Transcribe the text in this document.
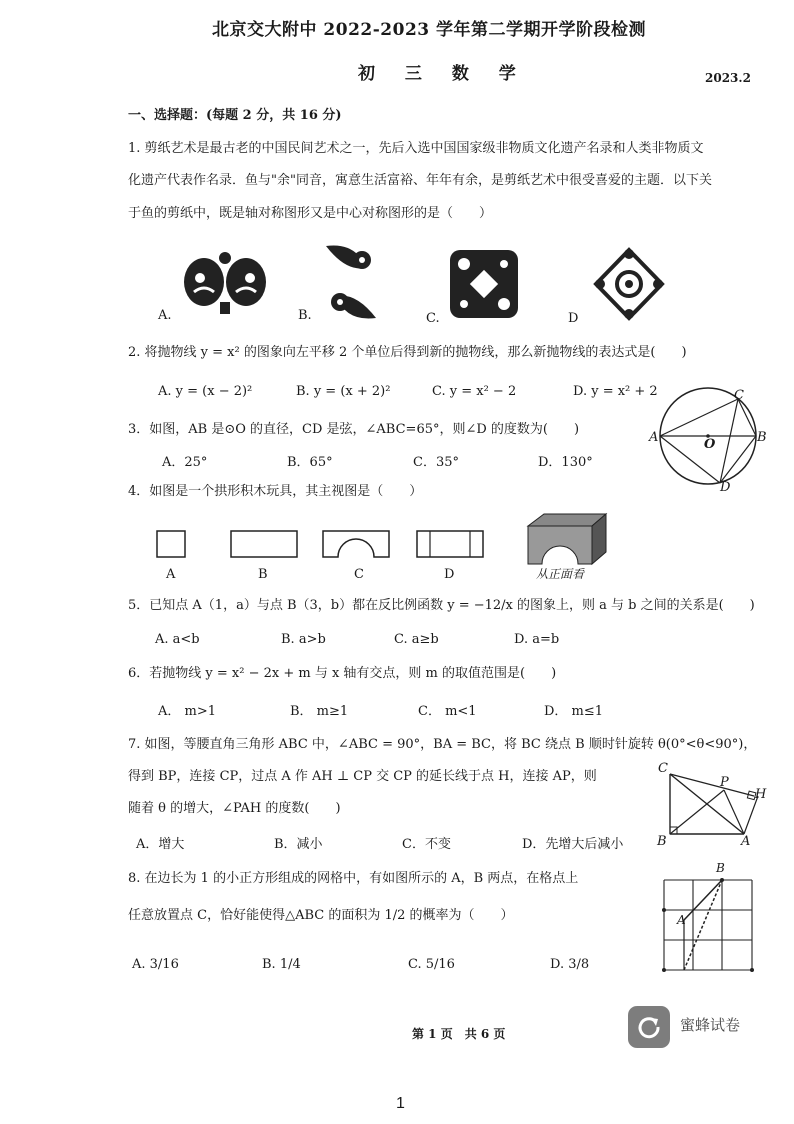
北京交大附中 2022-2023 学年第二学期开学阶段检测
初 三 数 学	2023.2
一、选择题：(每题 2 分，共 16 分)
1. 剪纸艺术是最古老的中国民间艺术之一，先后入选中国国家级非物质文化遗产名录和人类非物质文
化遗产代表作名录．鱼与"余"同音，寓意生活富裕、年年有余，是剪纸艺术中很受喜爱的主题．以下关
于鱼的剪纸中，既是轴对称图形又是中心对称图形的是（　　）
A.	B.	C.	D
2. 将抛物线 y = x² 的图象向左平移 2 个单位后得到新的抛物线，那么新抛物线的表达式是(　　)
A. y = (x − 2)²	B. y = (x + 2)²	C. y = x² − 2	D. y = x² + 2
3．如图，AB 是⊙O 的直径，CD 是弦，∠ABC=65°，则∠D 的度数为(　　)
A．25°	B．65°	C．35°	D．130°
A	B
C
D
O
4．如图是一个拱形积木玩具，其主视图是（　　）
A	B	C	D	从正面看
5．已知点 A（1，a）与点 B（3，b）都在反比例函数 y = −12/x 的图象上，则 a 与 b 之间的关系是(　　)
A. a<b	B. a>b	C. a≥b	D. a=b
6．若抛物线 y = x² − 2x + m 与 x 轴有交点，则 m 的取值范围是(　　)
A． m>1	B． m≥1	C． m<1	D． m≤1
7. 如图，等腰直角三角形 ABC 中，∠ABC = 90°，BA = BC，将 BC 绕点 B 顺时针旋转 θ(0°<θ<90°)，
得到 BP，连接 CP，过点 A 作 AH ⊥ CP 交 CP 的延长线于点 H，连接 AP，则
随着 θ 的增大，∠PAH 的度数(　　)
A．增大	B．减小	C．不变	D．先增大后减小
C
P
H
B	A
8. 在边长为 1 的小正方形组成的网格中，有如图所示的 A，B 两点，在格点上
任意放置点 C，恰好能使得△ABC 的面积为 1/2 的概率为（　　）
A. 3/16	B. 1/4	C. 5/16	D. 3/8
B
A
第 1 页　共 6 页	蜜蜂试卷
1
